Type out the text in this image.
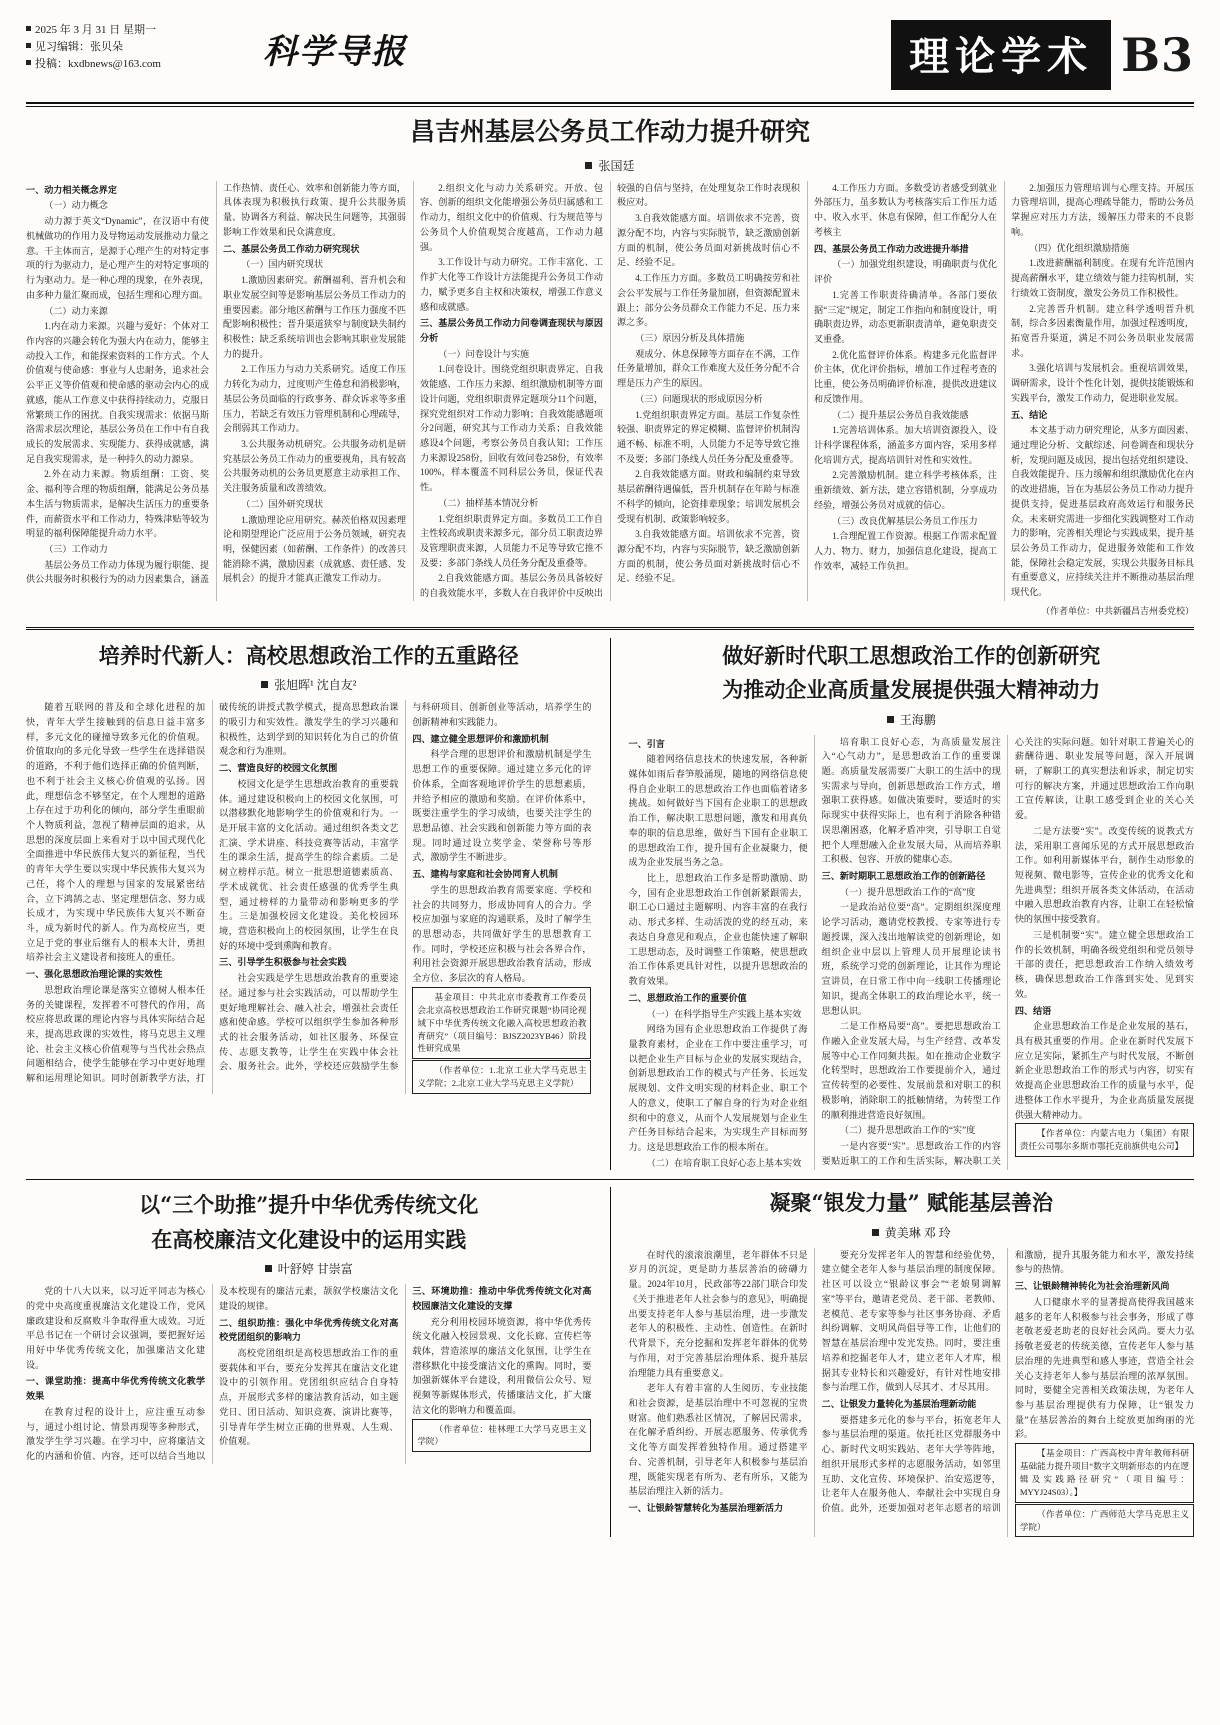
2025 年 3 月 31 日 星期一
见习编辑：张贝朵
投稿：kxdbnews@163.com	科学导报	理论学术 B3
昌吉州基层公务员工作动力提升研究
张国廷

一、动力相关概念界定

（一）动力概念

动力源于英文“Dynamic”，在汉语中有使机械做功的作用力及导物运动发展推动力量之意。干主体而言，是源于心理产生的对特定事项的行为驱动力，是心理产生的对特定事项的行为驱动力。是一种心理的现象，在外表现，由多种力量汇聚而成，包括生理和心理方面。

（二）动力来源

1.内在动力来源。兴趣与爱好：个体对工作内容的兴趣会转化为强大内在动力，能够主动投入工作，和能探索资料的工作方式。个人价值观与使命感：事业与人忠耐务，追求社会公平正义等价值观和使命感的驱动会内心的成就感，能从工作意义中获得持续动力，克服日常繁琐工作的困扰。自我实现需求：依据马斯洛需求层次理论，基层公务员在工作中有自我成长的发展需求、实现能力、获得成就感，满足自我实现需求，是一种持久的动力源泉。

2.外在动力来源。物质组酬：工资、奖金、福利等合理的物质组酬，能满足公务员基本生活与物质需求，是解决生活压力的重要条件，而薪资水平和工作动力，特殊津贴等较为明显的福利保障能提升动力水平。

（三）工作动力

基层公务员工作动力体现为履行职能、提供公共服务时积极行为的动力因素集合，涵盖工作热情、责任心、效率和创新能力等方面，具体表现为积极执行政策、提升公共服务质量、协调各方利益、解决民生问题等，其强弱影响工作效果和民众满意度。

二、基层公务员工作动力研究现状

（一）国内研究现状

1.激励因素研究。薪酬福利、晋升机会和职业发展空间等是影响基层公务员工作动力的重要因素。部分地区薪酬与工作压力强度不匹配影响积极性；晋升渠道狭窄与制度缺失制约积极性；缺乏系统培训也会影响其职业发展能力的提升。

2.工作压力与动力关系研究。适度工作压力转化为动力，过度则产生倦怠和消极影响，基层公务员面临的行政事务、群众诉求等多重压力，若缺乏有效压力管理机制和心理疏导，会削弱其工作动力。

3.公共服务动机研究。公共服务动机是研究基层公务员工作动力的重要视角，具有较高公共服务动机的公务员更愿意主动承担工作、关注服务质量和改善绩效。

（二）国外研究现状

1.激励理论应用研究。赫茨伯格双因素理论和期望理论广泛应用于公务员领域，研究表明，保健因素（如薪酬、工作条件）的改善只能消除不满，激励因素（成就感、责任感、发展机会）的提升才能真正激发工作动力。

2.组织文化与动力关系研究。开放、包容、创新的组织文化能增强公务员归属感和工作动力，组织文化中的价值观、行为规范等与公务员个人价值观契合度越高，工作动力越强。

3.工作设计与动力研究。工作丰富化、工作扩大化等工作设计方法能提升公务员工作动力，赋予更多自主权和决策权，增强工作意义感和成就感。

三、基层公务员工作动力问卷调查现状与原因分析

（一）问卷设计与实施

1.问卷设计。围绕党组织职责界定、自我效能感、工作压力来源、组织激励机制等方面设计问题，党组织职责界定题项分11个问题，探究党组织对工作动力影响；自我效能感题项分2问题，研究其与工作动力关系；自我效能感设4个问题，考察公务员自我认知；工作压力来源设258份，回收有效问卷258份，有效率100%，样本覆盖不同科层公务员，保证代表性。

（二）抽样基本情况分析

1.党组织职责界定方面。多数员工工作自主性较高或职责来源多元，部分员工职责边界及管理职责来源，人员能力不足等导致它推不及要；多部门条线人员任务分配及重叠等。

2.自我效能感方面。基层公务员具备较好的自我效能水平，多数人在自我评价中反映出较强的自信与坚持，在处理复杂工作时表现积极应对。

3.自我效能感方面。培训依求不完善，资源分配不均，内容与实际脱节，缺乏激励创新方面的机制，使公务员面对新挑战时信心不足、经验不足。

4.工作压力方面。多数员工明确按劳和社会公平发展与工作任务量加剧，但资源配置未跟上；部分公务员群众工作能力不足、压力来源之多。

（三）原因分析及具体措施

观成分、休息保障等方面存在不满，工作任务量增加，群众工作难度大及任务分配不合理是压力产生的原因。

（三）问题现状的形成原因分析

1.党组织职责界定方面。基层工作复杂性较强、职责界定的界定模糊、监督评价机制沟通不畅、标准不明，人员能力不足等导致它推不及要；多部门条线人员任务分配及重叠等。

2.自我效能感方面。财政和编制约束导致基层薪酬待遇偏低，晋升机制存在年龄与标准不科学的倾向，论资排辈现象；培训发展机会受现有机制、政策影响较多。

3.自我效能感方面。培训依求不完善，资源分配不均，内容与实际脱节，缺乏激励创新方面的机制，使公务员面对新挑战时信心不足、经验不足。

4.工作压力方面。多数受访者感受到就业外部压力，虽多数认为考核落实后工作压力适中、收入水平、休息有保障，但工作配分人在考核主

四、基层公务员工作动力改进提升举措

（一）加强党组织建设，明确职责与优化评价

1.完善工作职责待确清单。各部门要依据“三定”规定，制定工作指向和制度设计，明确职责边界，动态更新职责清单，避免职责交叉重叠。

2.优化监督评价体系。构建多元化监督评价主体，优化评价指标，增加工作过程考查的比重，使公务员明确评价标准，提供改进建议和反馈作用。

（二）提升基层公务员自我效能感

1.完善培训体系。加大培训资源投入，设计科学课程体系，涵盖多方面内容，采用多样化培训方式，提高培训针对性和实效性。

2.完善激励机制。建立科学考核体系，注重新绩效、新方法，建立容错机制，分享成功经验，增强公务员对成就的信心。

（三）改良优解基层公务员工作压力

1.合理配置工作资源。根据工作需求配置人力、物力、财力，加强信息化建设，提高工作效率，减轻工作负担。

2.加强压力管理培训与心理支持。开展压力管理培训，提高心理疏导能力，帮助公务员掌握应对压力方法，缓解压力带来的不良影响。

（四）优化组织激励措施

1.改进薪酬福利制度。在现有允许范围内提高薪酬水平，建立绩效与能力挂钩机制，实行绩效工资制度，激发公务员工作积极性。

2.完善晋升机制。建立科学透明晋升机制，综合多因素衡量作用，加强过程透明度，拓宽晋升渠道，满足不同公务员职业发展需求。

3.强化培训与发展机会。重视培训效果，调研需求，设计个性化计划，提供技能锻炼和实践平台，激发工作动力，促进职业发展。

五、结论

本文基于动力研究理论，从多方面因素、通过理论分析、文献综述、问卷调查和现状分析，发现问题及成因，提出包括党组织建设、自我效能提升、压力缓解和组织激励优化在内的改进措施，旨在为基层公务员工作动力提升提供支持，促进基层政府高效运行和服务民众。未来研究需进一步细化实践调整对工作动力的影响，完善相关理论与实践成果，提升基层公务员工作动力，促进服务效能和工作效能，保障社会稳定发展，实现公共服务目标具有重要意义，应持续关注并不断推动基层治理现代化。

（作者单位：中共新疆昌吉州委党校）
培养时代新人：高校思想政治工作的五重路径
张旭晖¹ 沈自友²

随着互联网的普及和全球化进程的加快，青年大学生接触到的信息日益丰富多样，多元文化的碰撞导致多元化的价值观。价值取向的多元化导致一些学生在选择错误的道路，不利于他们选择正确的价值判断，也不利于社会主义核心价值观的弘扬。因此，理想信念不够坚定，在个人理想的道路上存在过于功利化的倾向，部分学生重眼前个人物质利益，忽视了精神层面的追求，从思想的深度层面上来看对于以中国式现代化全面推进中华民族伟大复兴的新征程，当代的青年大学生要以实现中华民族伟大复兴为己任，将个人的理想与国家的发展紧密结合，立下鸿鹄之志、坚定理想信念、努力成长成才，为实现中华民族伟大复兴不断奋斗，成为新时代的新人。作为高校应当，更立足于党的事业后继有人的根本大计，勇担培养社会主义建设者和接班人的重任。

一、强化思想政治理论课的实效性

思想政治理论课是落实立德树人根本任务的关键课程，发挥着不可替代的作用，高校应将思政课的理论内容与具体实际结合起来，提高思政课的实效性，将马克思主义理论、社会主义核心价值观等与当代社会热点问题相结合，使学生能够在学习中更好地理解和运用理论知识。同时创新教学方法，打破传统的讲授式教学模式，提高思想政治课的吸引力和实效性。激发学生的学习兴趣和积极性，达到学到的知识转化为自己的价值观念和行为准则。

二、营造良好的校园文化氛围

校园文化是学生思想政治教育的重要载体。通过建设积极向上的校园文化氛围，可以潜移默化地影响学生的价值观和行为。一是开展丰富的文化活动。通过组织各类文艺汇演、学术讲座、科技竞赛等活动，丰富学生的课余生活，提高学生的综合素质。二是树立榜样示范。树立一批思想道德素质高、学术成就优、社会责任感强的优秀学生典型，通过榜样的力量带动和影响更多的学生。三是加强校园文化建设。美化校园环境，营造积极向上的校园氛围，让学生在良好的环境中受到熏陶和教育。

三、引导学生积极参与社会实践

社会实践是学生思想政治教育的重要途径。通过参与社会实践活动，可以帮助学生更好地理解社会、融入社会，增强社会责任感和使命感。学校可以组织学生参加各种形式的社会服务活动，如社区服务、环保宣传、志愿支教等，让学生在实践中体会社会、服务社会。此外，学校还应鼓励学生参与科研项目、创新创业等活动，培养学生的创新精神和实践能力。

四、建立健全思想评价和激励机制

科学合理的思想评价和激励机制是学生思想工作的重要保障。通过建立多元化的评价体系，全面客观地评价学生的思想素质，并给予相应的激励和奖励。在评价体系中，既要注重学生的学习成绩，也要关注学生的思想品德、社会实践和创新能力等方面的表现。同时通过设立奖学金、荣誉称号等形式，激励学生不断进步。

五、建构与家庭和社会协同育人机制

学生的思想政治教育需要家庭、学校和社会的共同努力，形成协同育人的合力。学校应加强与家庭的沟通联系，及时了解学生的思想动态，共同做好学生的思想教育工作。同时，学校还应积极与社会各界合作，利用社会资源开展思想政治教育活动，形成全方位、多层次的育人格局。

基金项目：中共北京市委教育工作委员会北京高校思想政治工作研究课题“协同论视域下中华优秀传统文化融入高校思想政治教育研究”（项目编号：BJSZ2023YB46）阶段性研究成果

（作者单位：1.北京工业大学马克思主义学院；2.北京工业大学马克思主义学院）

做好新时代职工思想政治工作的创新研究
为推动企业高质量发展提供强大精神动力
王海鹏

一、引言

随着网络信息技术的快速发展，各种新媒体如雨后春笋般涌现，随地的网络信息使得自企业职工的思想政治工作也面临着诸多挑战。如何做好当下国有企业职工的思想政治工作，解决职工思想问题，激发和用真负奉的职的信息思维，做好当下国有企业职工的思想政治工作，提升国有企业凝聚力，便成为企业发展当务之急。

比上，思想政治工作多是帮助激励、助今，国有企业思想政治工作创新紧跟需去，职工心口通过主题解明、内容丰富的在我行动、形式多样、生动活泼的党的经互动，来表达自身意见和观点，企业也能快速了解职工思想动态，及时调整工作策略，使思想政治工作体系更具针对性，以提升思想政治的教育效果。

二、思想政治工作的重要价值

（一）在科学指导生产实践上基本实效

网络为国有企业思想政治工作提供了海量教育素材，企业在工作中要注重学习，可以把企业生产目标与企业的发展实现结合，创新思想政治工作的模式与产任务、长远发展规划、文件文明实现的材料企业、职工个人的意义，使职工了解自身的行为对企业组织和中的意义，从而个人发展规划与企业生产任务目标结合起来，为实现生产目标而努力。这是思想政治工作的根本所在。

（二）在培育职工良好心态上基本实效

培育职工良好心态，为高质量发展注入“心气动力”，是思想政治工作的重要课题。高质量发展需要广大职工的生活中的现实需求与导向，创新思想政治工作方式，增强职工获得感。如做决策要时，要适时的实际现实中获得实际上，也有利于消除各种错误思潮困惑，化解矛盾冲突，引导职工自觉把个人理想融入企业发展大局，从而培养职工积极、包容、开放的健康心态。

三、新时期职工思想政治工作的创新路径

（一）提升思想政治工作的“高”度

一是政治站位要“高”。定期组织深度理论学习活动，邀请党校教授、专家等进行专题授课，深入浅出地解读党的创新理论，如组织企业中层以上管理人员开展理论读书班，系统学习党的创新理论，让其作为理论宣讲员，在日常工作中向一线职工传播理论知识，提高全体职工的政治理论水平，统一思想认识。

二是工作格局要“高”。要把思想政治工作融入企业发展大局，与生产经营、改革发展等中心工作同频共振。如在推动企业数字化转型时，思想政治工作要提前介入，通过宣传转型的必要性、发展前景和对职工的积极影响，消除职工的抵触情绪，为转型工作的顺利推进营造良好氛围。

（二）提升思想政治工作的“实”度

一是内容要“实”。思想政治工作的内容要贴近职工的工作和生活实际，解决职工关心关注的实际问题。如针对职工普遍关心的薪酬待遇、职业发展等问题，深入开展调研，了解职工的真实想法和诉求，制定切实可行的解决方案，并通过思想政治工作向职工宣传解读，让职工感受到企业的关心关爱。

二是方法要“实”。改变传统的说教式方法，采用职工喜闻乐见的方式开展思想政治工作。如利用新媒体平台，制作生动形象的短视频、微电影等，宣传企业的优秀文化和先进典型；组织开展各类文体活动，在活动中融入思想政治教育内容，让职工在轻松愉快的氛围中接受教育。

三是机制要“实”。建立健全思想政治工作的长效机制，明确各级党组织和党员领导干部的责任，把思想政治工作纳入绩效考核，确保思想政治工作落到实处、见到实效。

四、结语

企业思想政治工作是企业发展的基石，具有极其重要的作用。企业在新时代发展下应立足实际，紧抓生产与时代发展，不断创新企业思想政治工作的形式与内容，切实有效提高企业思想政治工作的质量与水平，促进整体工作水平提升，为企业高质量发展提供强大精神动力。

【作者单位：内蒙古电力（集团）有限责任公司鄂尔多斯市鄂托克前旗供电公司】

以“三个助推”提升中华优秀传统文化
在高校廉洁文化建设中的运用实践
叶舒婷 甘崇富

党的十八大以来，以习近平同志为核心的党中央高度重视廉洁文化建设工作，党风廉政建设和反腐败斗争取得重大成效。习近平总书记在一个研讨会议强调，要把握好运用好中华优秀传统文化，加强廉洁文化建设。

一、课堂助推：提高中华优秀传统文化教学效果

在教育过程的设计上，应注重互动参与，通过小组讨论、情景再现等多种形式，激发学生学习兴趣。在学习中，应将廉洁文化的内涵和价值、内容，还可以结合当地以及本校现有的廉洁元素，颉叙学校廉洁文化建设的规律。

二、组织助推：强化中华优秀传统文化对高校党团组织的影响力

高校党团组织是高校思想政治工作的重要载体和平台，要充分发挥其在廉洁文化建设中的引领作用。党团组织应结合自身特点，开展形式多样的廉洁教育活动，如主题党日、团日活动、知识竞赛、演讲比赛等，引导青年学生树立正确的世界观、人生观、价值观。

三、环境助推：推动中华优秀传统文化对高校园廉洁文化建设的支撑

充分利用校园环境资源，将中华优秀传统文化融入校园景观、文化长廊、宣传栏等载体，营造浓厚的廉洁文化氛围，让学生在潜移默化中接受廉洁文化的熏陶。同时，要加强新媒体平台建设，利用微信公众号、短视频等新媒体形式，传播廉洁文化，扩大廉洁文化的影响力和覆盖面。

（作者单位：桂林理工大学马克思主义学院）

凝聚“银发力量” 赋能基层善治
黄美琳 邓 玲

在时代的滚滚浪潮里，老年群体不只是岁月的沉淀，更是助力基层善治的磅礴力量。2024年10月，民政部等22部门联合印发《关于推进老年人社会参与的意见》，明确提出要支持老年人参与基层治理，进一步激发老年人的积极性、主动性、创造性。在新时代背景下，充分挖掘和发挥老年群体的优势与作用，对于完善基层治理体系、提升基层治理能力具有重要意义。

老年人有着丰富的人生阅历、专业技能和社会资源，是基层治理中不可忽视的宝贵财富。他们熟悉社区情况，了解居民需求，在化解矛盾纠纷、开展志愿服务、传承优秀文化等方面发挥着独特作用。通过搭建平台、完善机制，引导老年人积极参与基层治理，既能实现老有所为、老有所乐，又能为基层治理注入新的活力。

一、让银龄智慧转化为基层治理新活力

要充分发挥老年人的智慧和经验优势，建立健全老年人参与基层治理的制度保障。社区可以设立“银龄议事会”“老娘舅调解室”等平台，邀请老党员、老干部、老教师、老模范、老专家等参与社区事务协商、矛盾纠纷调解、文明风尚倡导等工作，让他们的智慧在基层治理中发光发热。同时，要注重培养和挖掘老年人才，建立老年人才库，根据其专业特长和兴趣爱好，有针对性地安排参与治理工作，做到人尽其才、才尽其用。

二、让银发力量转化为基层治理新动能

要搭建多元化的参与平台，拓宽老年人参与基层治理的渠道。依托社区党群服务中心、新时代文明实践站、老年大学等阵地，组织开展形式多样的志愿服务活动，如邻里互助、文化宣传、环境保护、治安巡逻等，让老年人在服务他人、奉献社会中实现自身价值。此外，还要加强对老年志愿者的培训和激励，提升其服务能力和水平，激发持续参与的热情。

三、让银龄精神转化为社会治理新风尚

人口健康水平的显著提高使得我国越来越多的老年人积极参与社会事务，形成了尊老敬老爱老助老的良好社会风尚。要大力弘扬敬老爱老的传统美德，宣传老年人参与基层治理的先进典型和感人事迹，营造全社会关心支持老年人参与基层治理的浓厚氛围。同时，要健全完善相关政策法规，为老年人参与基层治理提供有力保障，让“银发力量”在基层善治的舞台上绽放更加绚丽的光彩。

【基金项目：广西高校中青年教师科研基础能力提升项目“数字文明新形态的内在逻辑及实践路径研究”（项目编号：MYYJ24S03）。】

（作者单位：广西师范大学马克思主义学院）
